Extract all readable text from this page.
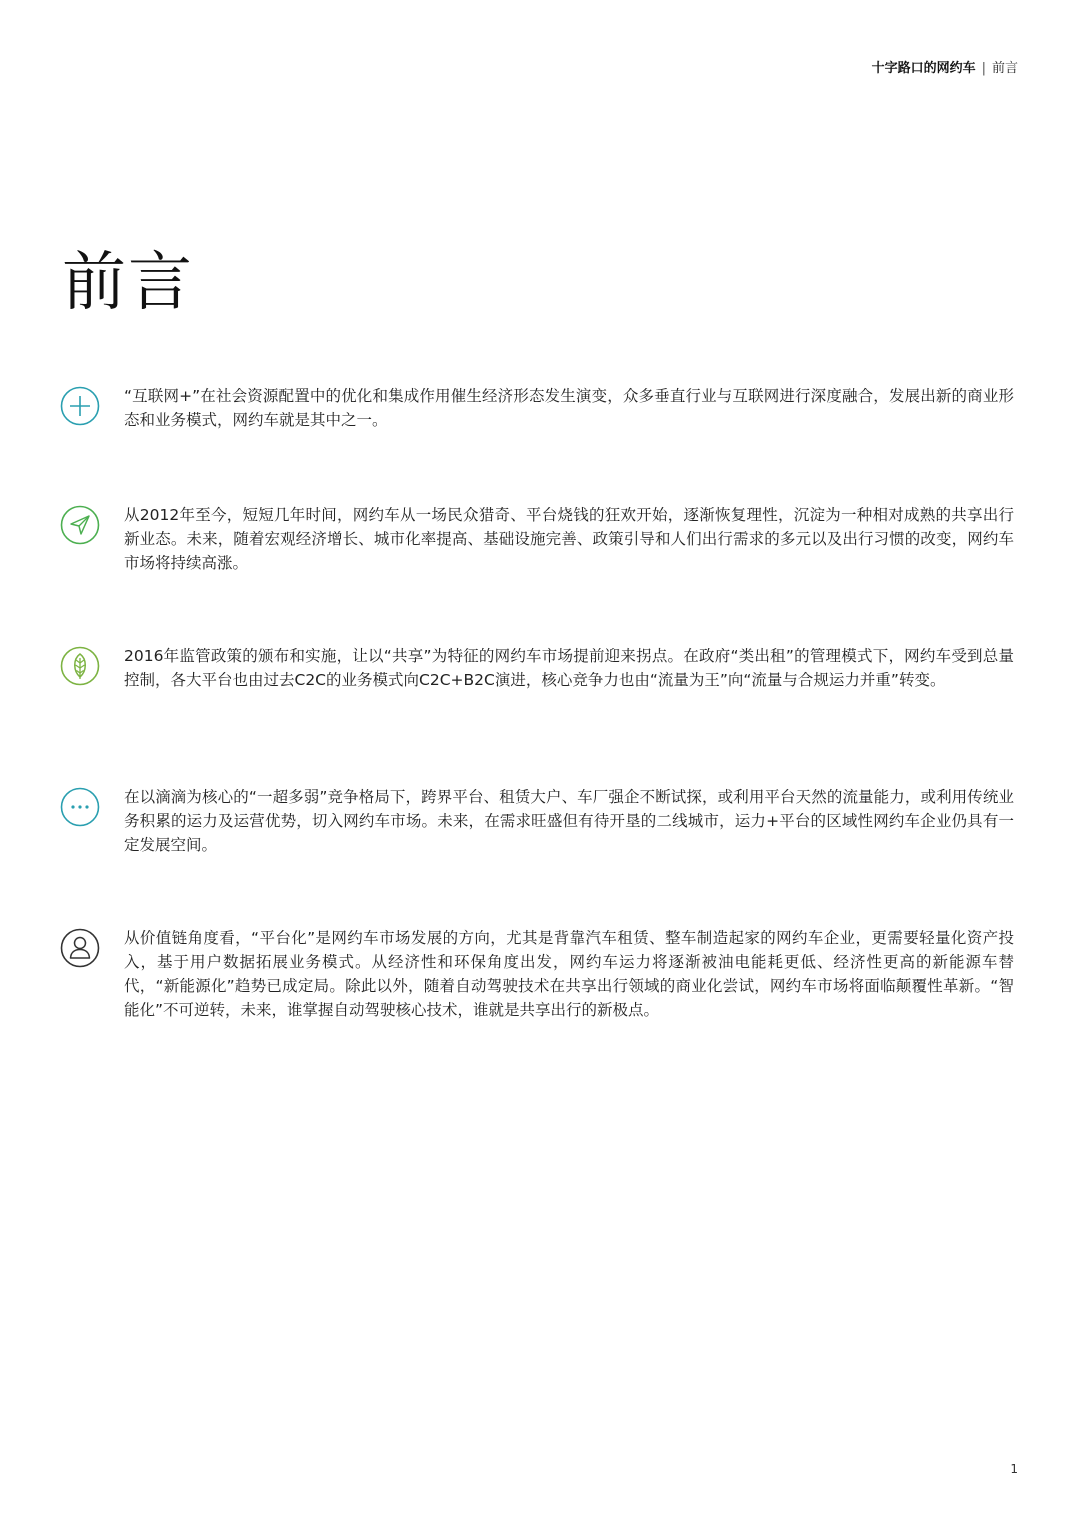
十字路口的网约车 | 前言
前言

“互联网+”在社会资源配置中的优化和集成作用催生经济形态发生演变，众多垂直行业与互联网进行深度融合，发展出新的商业形态和业务模式，网约车就是其中之一。

从2012年至今，短短几年时间，网约车从一场民众猎奇、平台烧钱的狂欢开始，逐渐恢复理性，沉淀为一种相对成熟的共享出行新业态。未来，随着宏观经济增长、城市化率提高、基础设施完善、政策引导和人们出行需求的多元以及出行习惯的改变，网约车市场将持续高涨。

2016年监管政策的颁布和实施，让以“共享”为特征的网约车市场提前迎来拐点。在政府“类出租”的管理模式下，网约车受到总量控制，各大平台也由过去C2C的业务模式向C2C+B2C演进，核心竞争力也由“流量为王”向“流量与合规运力并重”转变。

在以滴滴为核心的“一超多弱”竞争格局下，跨界平台、租赁大户、车厂强企不断试探，或利用平台天然的流量能力，或利用传统业务积累的运力及运营优势，切入网约车市场。未来，在需求旺盛但有待开垦的二线城市，运力+平台的区域性网约车企业仍具有一定发展空间。

从价值链角度看，“平台化”是网约车市场发展的方向，尤其是背靠汽车租赁、整车制造起家的网约车企业，更需要轻量化资产投入，基于用户数据拓展业务模式。从经济性和环保角度出发，网约车运力将逐渐被油电能耗更低、经济性更高的新能源车替代，“新能源化”趋势已成定局。除此以外，随着自动驾驶技术在共享出行领域的商业化尝试，网约车市场将面临颠覆性革新。“智能化”不可逆转，未来，谁掌握自动驾驶核心技术，谁就是共享出行的新极点。

1
